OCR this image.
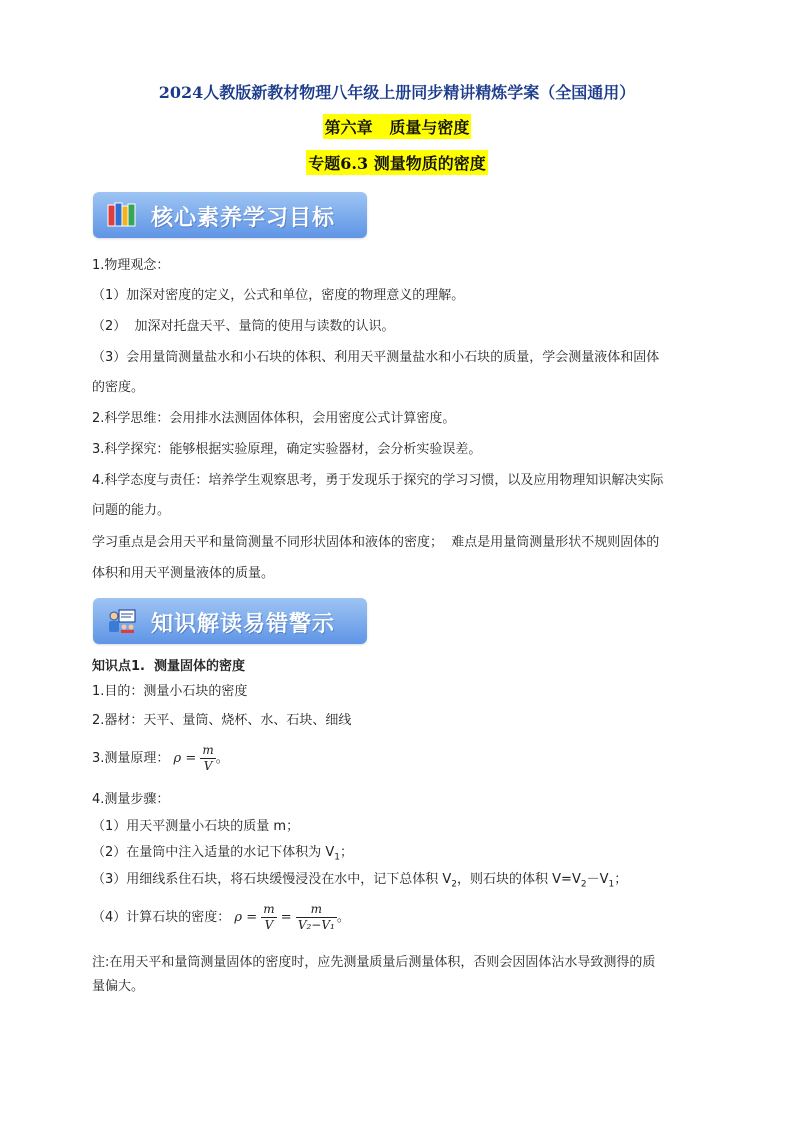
2024人教版新教材物理八年级上册同步精讲精炼学案（全国通用）
第六章   质量与密度
专题6.3 测量物质的密度
核心素养学习目标
1.物理观念：
（1）加深对密度的定义，公式和单位，密度的物理意义的理解。
（2）  加深对托盘天平、量筒的使用与读数的认识。
（3）会用量筒测量盐水和小石块的体积、利用天平测量盐水和小石块的质量，学会测量液体和固体
的密度。
2.科学思维：会用排水法测固体体积，会用密度公式计算密度。
3.科学探究：能够根据实验原理，确定实验器材，会分析实验误差。
4.科学态度与责任：培养学生观察思考，勇于发现乐于探究的学习习惯，以及应用物理知识解决实际
问题的能力。
学习重点是会用天平和量筒测量不同形状固体和液体的密度；  难点是用量筒测量形状不规则固体的
体积和用天平测量液体的质量。
知识解读易错警示
知识点1.  测量固体的密度
1.目的：测量小石块的密度
2.器材：天平、量筒、烧杯、水、石块、细线
3.测量原理： $\rho = \frac{m}{V}$ 。
4.测量步骤：
（1）用天平测量小石块的质量 m；
（2）在量筒中注入适量的水记下体积为 $V_1$；
（3）用细线系住石块，将石块缓慢浸没在水中，记下总体积 $V_2$，则石块的体积 $V=V_2-V_1$；
（4）计算石块的密度： $\rho = \frac{m}{V} = \frac{m}{\text{V₂−V₁}}$ 。
注:在用天平和量筒测量固体的密度时，应先测量质量后测量体积，否则会因固体沾水导致测得的质
量偏大。
